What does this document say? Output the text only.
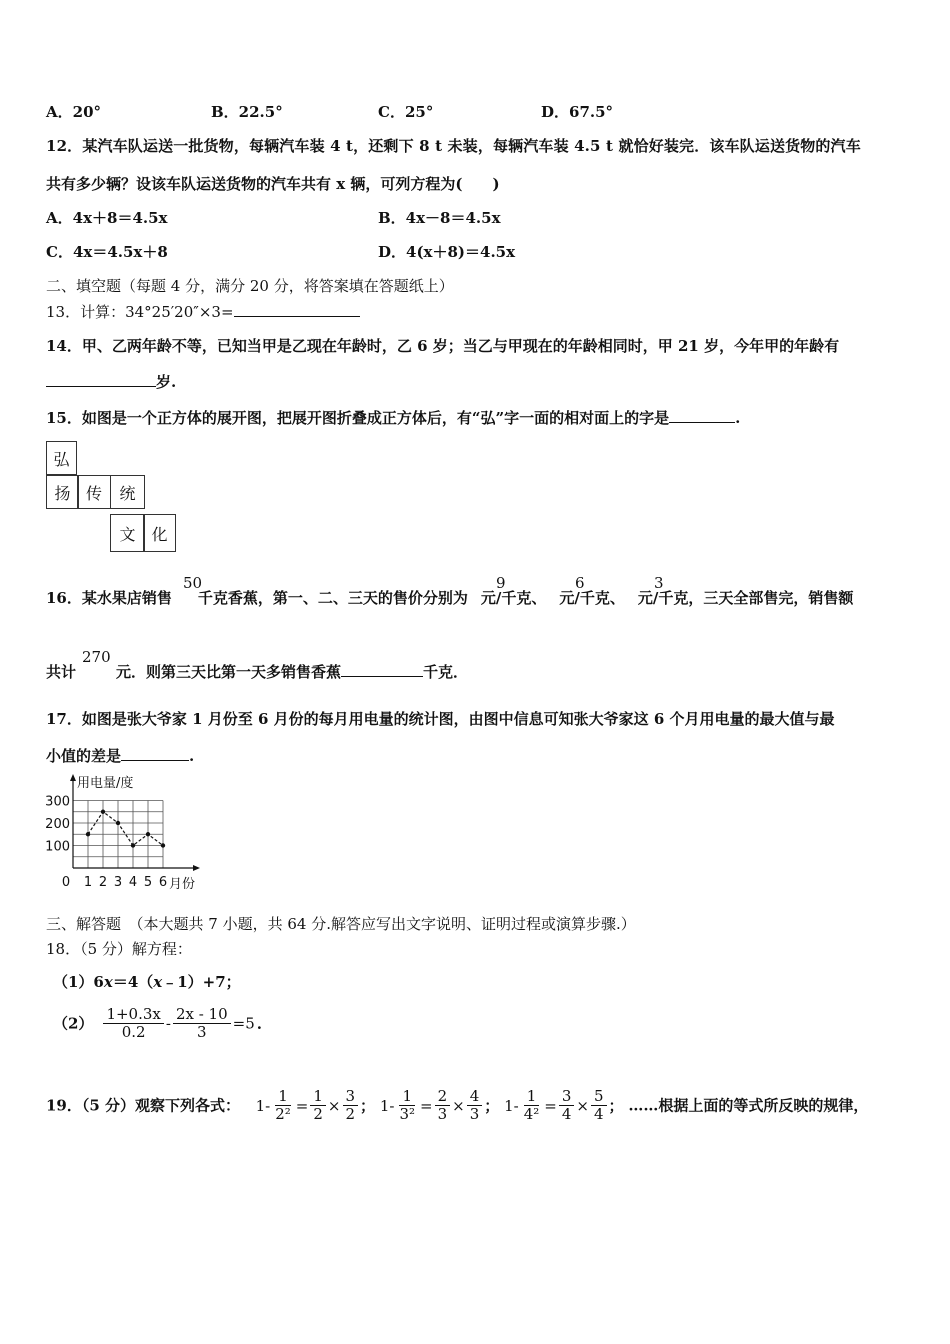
A．20°	B．22.5°	C．25°	D．67.5°
12．某汽车队运送一批货物，每辆汽车装 4 t，还剩下 8 t 未装，每辆汽车装 4.5 t 就恰好装完．该车队运送货物的汽车
共有多少辆？设该车队运送货物的汽车共有 x 辆，可列方程为(　　)
A．4x＋8＝4.5x	B．4x－8＝4.5x
C．4x＝4.5x＋8	D．4(x＋8)＝4.5x
二、填空题（每题 4 分，满分 20 分，将答案填在答题纸上）
13．计算：34°25′20″×3=
14．甲、乙两年龄不等，已知当甲是乙现在年龄时，乙 6 岁；当乙与甲现在的年龄相同时，甲 21 岁，今年甲的年龄有
岁.
15．如图是一个正方体的展开图，把展开图折叠成正方体后，有“弘”字一面的相对面上的字是	.
弘
扬 传	统
文 化
16．某水果店销售 千克香蕉，第一、二、三天的售价分别为 元/千克、 元/千克、 元/千克，三天全部售完，销售额
50	9	6	3
共计	元．则第三天比第一天多销售香蕉	千克．
270
17．如图是张大爷家 1 月份至 6 月份的每月用电量的统计图，由图中信息可知张大爷家这 6 个月用电量的最大值与最
小值的差是	.
用电量/度
100
200
300
0 1 2 3 4 5 6 月份
三、解答题　（本大题共 7 小题，共 64 分.解答应写出文字说明、证明过程或演算步骤.）
18．（5 分）解方程：
（1）6x＝4（x﹣1）+7；
$(2) \frac{1+0.3x}{0.2} - \frac{2x - 10}{3} =5$ .
19．（5 分）观察下列各式： $1- \frac{1}{\text{2²}} = \frac{1}{2} \times \frac{3}{2}$ ； $1- \frac{1}{\text{3²}} = \frac{2}{3} \times \frac{4}{3}$ ； $1- \frac{1}{\text{4²}} = \frac{3}{4} \times \frac{5}{4}$ ； ……根据上面的等式所反映的规律，
